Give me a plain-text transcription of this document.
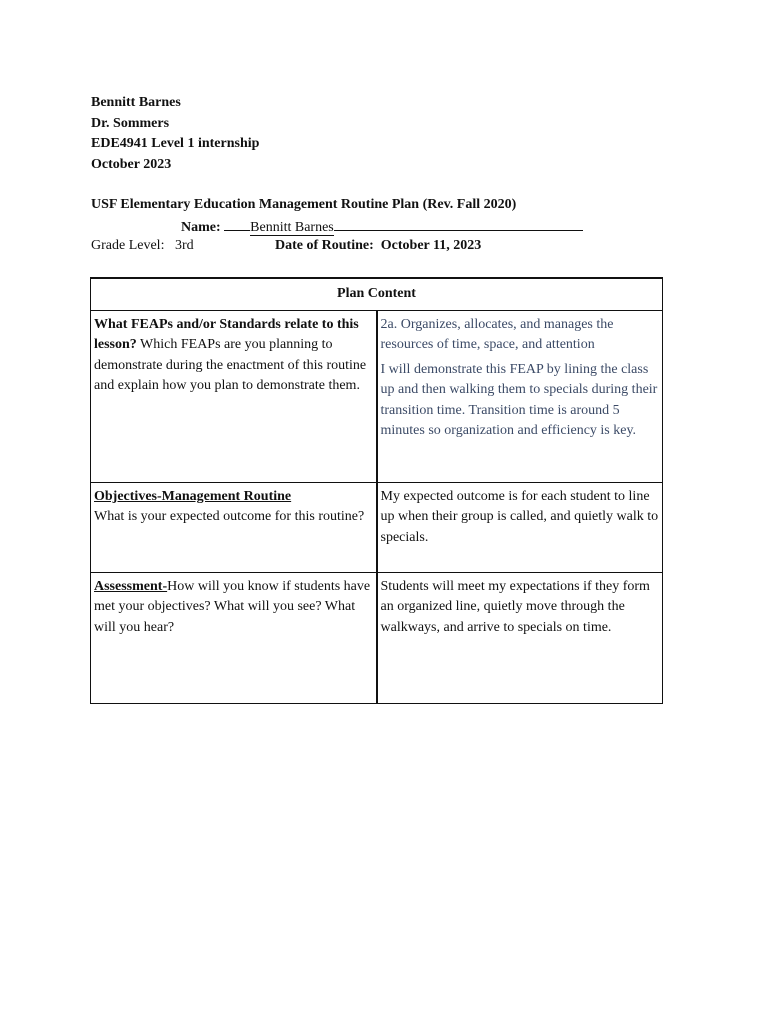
Bennitt Barnes
Dr. Sommers
EDE4941 Level 1 internship
October 2023
USF Elementary Education Management Routine Plan (Rev. Fall 2020)
Name: Bennitt Barnes
Grade Level: 3rd	Date of Routine: October 11, 2023
Plan Content	
What FEAPs and/or Standards relate to this lesson? Which FEAPs are you planning to demonstrate during the enactment of this routine and explain how you plan to demonstrate them.	2a. Organizes, allocates, and manages the resources of time, space, and attention

I will demonstrate this FEAP by lining the class up and then walking them to specials during their transition time. Transition time is around 5 minutes so organization and efficiency is key.

Objectives-Management Routine
What is your expected outcome for this routine?	My expected outcome is for each student to line up when their group is called, and quietly walk to specials.
Assessment-How will you know if students have met your objectives? What will you see? What will you hear?	Students will meet my expectations if they form an organized line, quietly move through the walkways, and arrive to specials on time.
